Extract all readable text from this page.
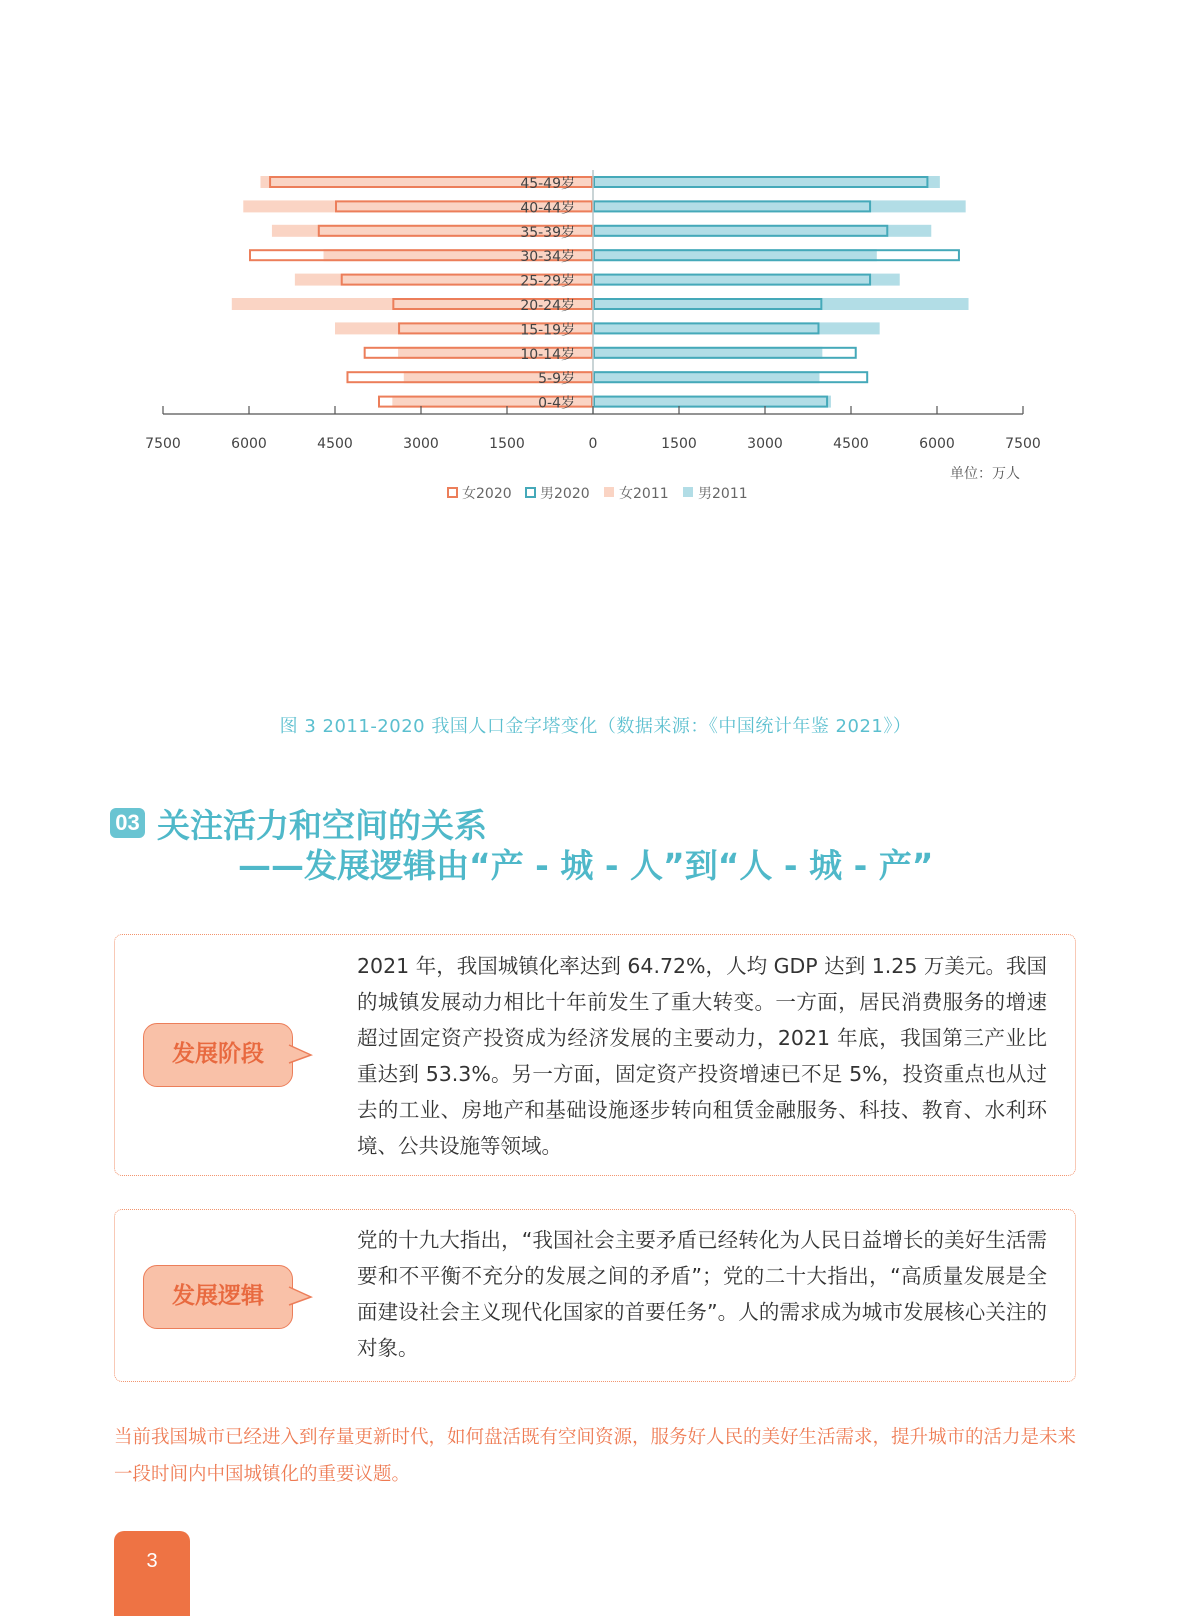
0-4岁
5-9岁
10-14岁
15-19岁
20-24岁
25-29岁
30-34岁
35-39岁
40-44岁
45-49岁
7500	6000	4500	3000	1500	0	1500	3000	4500	6000	7500
单位：万人
女2020 男2020 女2011 男2011
图 3 2011-2020 我国人口金字塔变化（数据来源：《中国统计年鉴 2021》）
03 关注活力和空间的关系
——发展逻辑由“产 - 城 - 人”到“人 - 城 - 产”
发展阶段
2021 年，我国城镇化率达到 64.72%，人均 GDP 达到 1.25 万美元。我国的城镇发展动力相比十年前发生了重大转变。一方面，居民消费服务的增速超过固定资产投资成为经济发展的主要动力，2021 年底，我国第三产业比重达到 53.3%。另一方面，固定资产投资增速已不足 5%，投资重点也从过去的工业、房地产和基础设施逐步转向租赁金融服务、科技、教育、水利环境、公共设施等领域。
发展逻辑
党的十九大指出，“我国社会主要矛盾已经转化为人民日益增长的美好生活需要和不平衡不充分的发展之间的矛盾”；党的二十大指出，“高质量发展是全面建设社会主义现代化国家的首要任务”。人的需求成为城市发展核心关注的对象。
当前我国城市已经进入到存量更新时代，如何盘活既有空间资源，服务好人民的美好生活需求，提升城市的活力是未来一段时间内中国城镇化的重要议题。
3
